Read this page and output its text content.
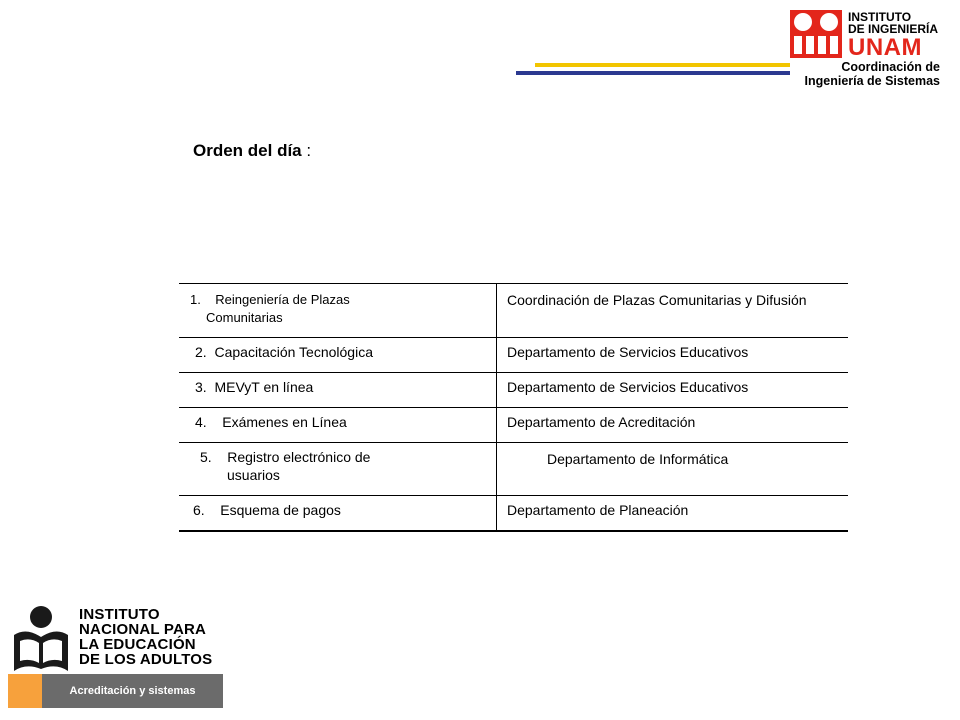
INSTITUTO
DE INGENIERÍA
UNAM
Coordinación de
Ingeniería de Sistemas
Orden del día :
1. Reingeniería de Plazas
Comunitarias	Coordinación de Plazas Comunitarias y Difusión
2. Capacitación Tecnológica	Departamento de Servicios Educativos
3. MEVyT en línea	Departamento de Servicios Educativos
4. Exámenes en Línea	Departamento de Acreditación
5. Registro electrónico de
usuarios	Departamento de Informática
6. Esquema de pagos	Departamento de Planeación
INSTITUTO
NACIONAL PARA
LA EDUCACIÓN
DE LOS ADULTOS
Acreditación y sistemas
